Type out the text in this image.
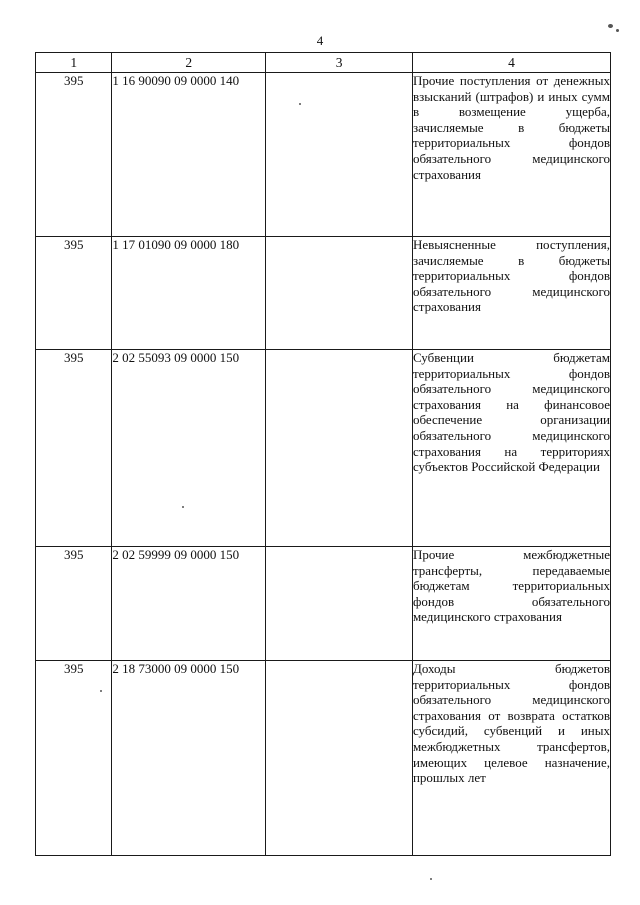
4
1	2	3	4
395	1 16 90090 09 0000 140		Прочие поступления от денежных взысканий (штрафов) и иных сумм в возмещение ущерба, зачисляемые в бюджеты территориальных фондов обязательного медицинского страхования
395	1 17 01090 09 0000 180		Невыясненные поступления, зачисляемые в бюджеты территориальных фондов обязательного медицинского страхования
395	2 02 55093 09 0000 150		Субвенции бюджетам территориальных фондов обязательного медицинского страхования на финансовое обеспечение организации обязательного медицинского страхования на территориях субъектов Российской Федерации
395	2 02 59999 09 0000 150		Прочие межбюджетные трансферты, передаваемые бюджетам территориальных фондов обязательного медицинского страхования
395	2 18 73000 09 0000 150		Доходы бюджетов территориальных фондов обязательного медицинского страхования от возврата остатков субсидий, субвенций и иных межбюджетных трансфертов, имеющих целевое назначение, прошлых лет
